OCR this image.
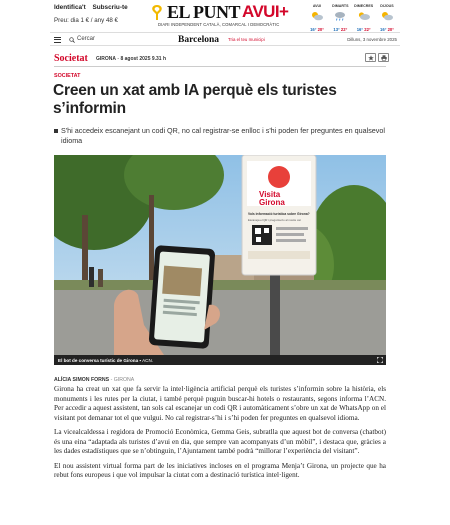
Identifica't Subscriu-te
Preu: dia 1 € / any 48 €	EL PUNT AVUI+
DIARI INDEPENDENT CATALÀ, COMARCAL I DEMOCRÀTIC
AVUI
16° 20°
DIMARTS
13° 22°
DIMECRES
16° 22°
DIJOUS
16° 20°
Cercar	Barcelona Tria el teu municipi	Dilluns, 3 novembre 2025
Societat GIRONA - 8 agost 2025 9.31 h
SOCIETAT
Creen un xat amb IA perquè els turistes s’informin

S'hi accedeix escanejant un codi QR, no cal registrar-se enlloc i s'hi poden fer preguntes en qualsevol idioma

Visita
Girona
Vols informació turística sobre Girona?
Escaneja el QR i pregunta-ho al nostre xat
El bot de conversa turístic de Girona ▪ ACN.
ALÍCIA SIMON FORNS - GIRONA

Girona ha creat un xat que fa servir la intel·ligència artificial perquè els turistes s’informin sobre la història, els monuments i les rutes per la ciutat, i també perquè puguin buscar-hi hotels o restaurants, segons informa l’ACN. Per accedir a aquest assistent, tan sols cal escanejar un codi QR i automàticament s’obre un xat de WhatsApp on el visitant pot demanar tot el que vulgui. No cal registrar-s’hi i s’hi poden fer preguntes en qualsevol idioma.

La vicealcaldessa i regidora de Promoció Econòmica, Gemma Geis, subratlla que aquest bot de conversa (chatbot) és una eina “adaptada als turistes d’avui en dia, que sempre van acompanyats d’un mòbil”, i destaca que, gràcies a les dades estadístiques que se n’obtinguin, l’Ajuntament també podrà “millorar l’experiència del visitant”.

El nou assistent virtual forma part de les iniciatives incloses en el programa Menja’t Girona, un projecte que ha rebut fons europeus i que vol impulsar la ciutat com a destinació turística intel·ligent.
